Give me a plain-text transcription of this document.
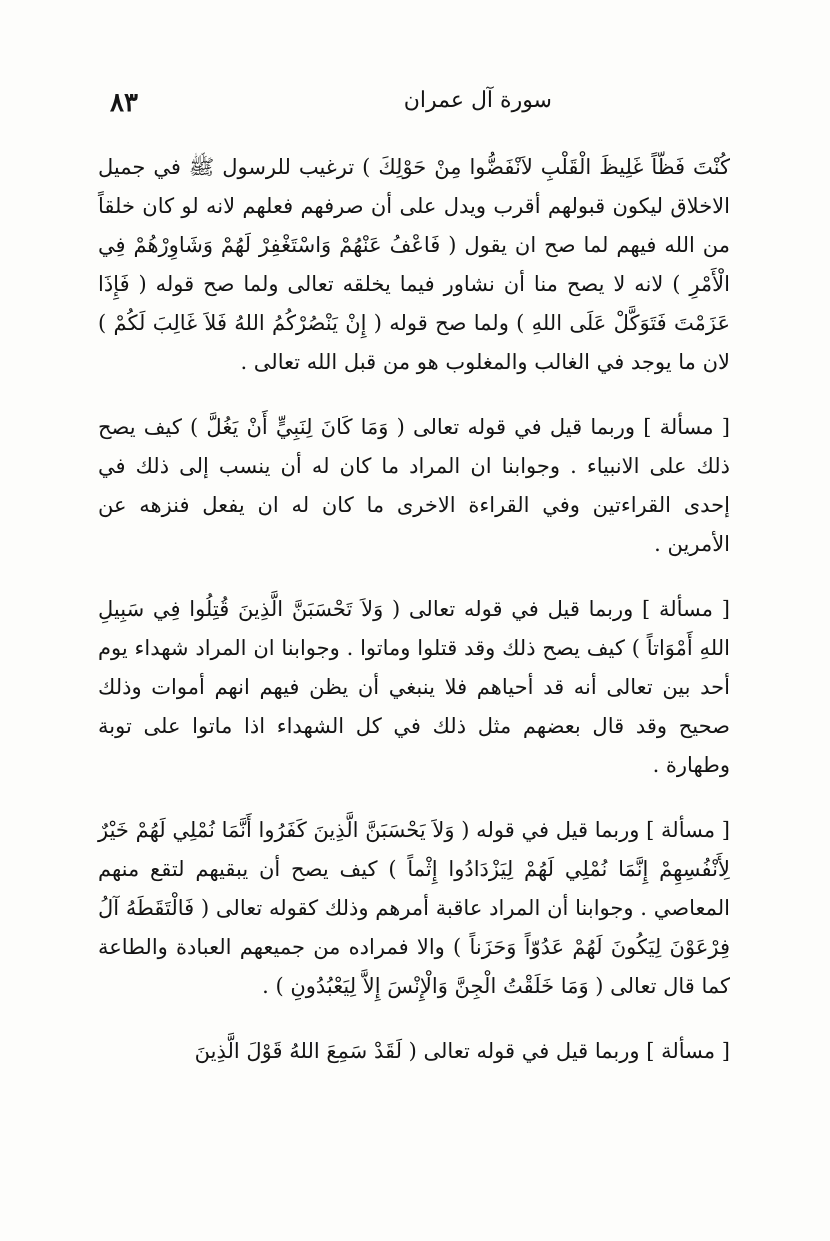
٨٣	سورة آل عمران

كُنْتَ فَظّاً غَلِيظَ الْقَلْبِ لاَنْفَضُّوا مِنْ حَوْلِكَ ) ترغيب للرسول ﷺ في جميل الاخلاق ليكون قبولهم أقرب ويدل على أن صرفهم فعلهم لانه لو كان خلقاً من الله فيهم لما صح ان يقول ( فَاعْفُ عَنْهُمْ وَاسْتَغْفِرْ لَهُمْ وَشَاوِرْهُمْ فِي الْأَمْرِ ) لانه لا يصح منا أن نشاور فيما يخلقه تعالى ولما صح قوله ( فَإِذَا عَزَمْتَ فَتَوَكَّلْ عَلَى اللهِ ) ولما صح قوله ( إِنْ يَنْصُرْكُمُ اللهُ فَلاَ غَالِبَ لَكُمْ ) لان ما يوجد في الغالب والمغلوب هو من قبل الله تعالى .

[ مسألة ] وربما قيل في قوله تعالى ( وَمَا كَانَ لِنَبِيٍّ أَنْ يَغُلَّ ) كيف يصح ذلك على الانبياء . وجوابنا ان المراد ما كان له أن ينسب إلى ذلك في إحدى القراءتين وفي القراءة الاخرى ما كان له ان يفعل فنزهه عن الأمرين .

[ مسألة ] وربما قيل في قوله تعالى ( وَلاَ تَحْسَبَنَّ الَّذِينَ قُتِلُوا فِي سَبِيلِ اللهِ أَمْوَاتاً ) كيف يصح ذلك وقد قتلوا وماتوا . وجوابنا ان المراد شهداء يوم أحد بين تعالى أنه قد أحياهم فلا ينبغي أن يظن فيهم انهم أموات وذلك صحيح وقد قال بعضهم مثل ذلك في كل الشهداء اذا ماتوا على توبة وطهارة .

[ مسألة ] وربما قيل في قوله ( وَلاَ يَحْسَبَنَّ الَّذِينَ كَفَرُوا أَنَّمَا نُمْلِي لَهُمْ خَيْرٌ لِأَنْفُسِهِمْ إِنَّمَا نُمْلِي لَهُمْ لِيَزْدَادُوا إِثْماً ) كيف يصح أن يبقيهم لتقع منهم المعاصي . وجوابنا أن المراد عاقبة أمرهم وذلك كقوله تعالى ( فَالْتَقَطَهُ آلُ فِرْعَوْنَ لِيَكُونَ لَهُمْ عَدُوّاً وَحَزَناً ) والا فمراده من جميعهم العبادة والطاعة كما قال تعالى ( وَمَا خَلَقْتُ الْجِنَّ وَالْإِنْسَ إِلاَّ لِيَعْبُدُونِ ) .

[ مسألة ] وربما قيل في قوله تعالى ( لَقَدْ سَمِعَ اللهُ قَوْلَ الَّذِينَ
